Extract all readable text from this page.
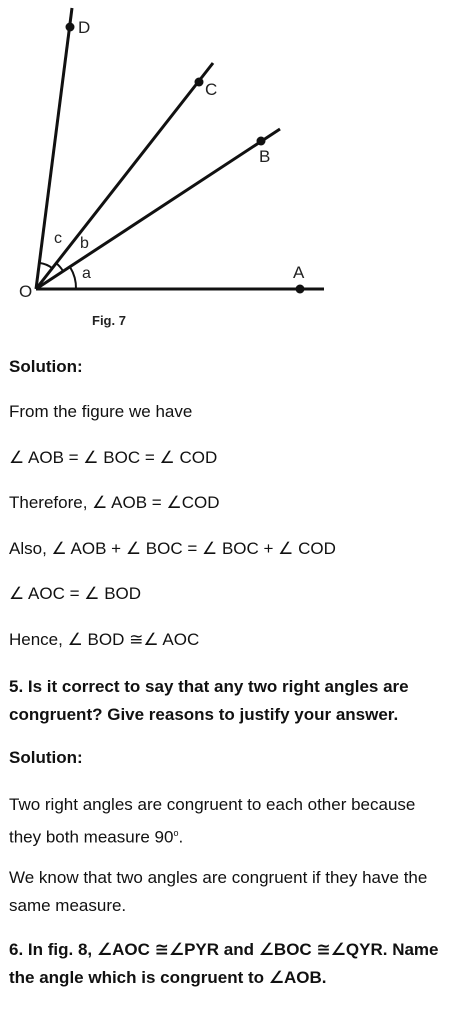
D
C
B
A
O
a
b
c
Fig. 7
Solution:
From the figure we have
∠ AOB = ∠ BOC = ∠ COD
Therefore, ∠ AOB = ∠COD
Also, ∠ AOB + ∠ BOC = ∠ BOC + ∠ COD
∠ AOC = ∠ BOD
Hence, ∠ BOD ≅∠ AOC
5. Is it correct to say that any two right angles are
congruent? Give reasons to justify your answer.
Solution:
Two right angles are congruent to each other because
they both measure 90$^o$.
We know that two angles are congruent if they have the
same measure.
6. In fig. 8, ∠AOC ≅∠PYR and ∠BOC ≅∠QYR. Name
the angle which is congruent to ∠AOB.
